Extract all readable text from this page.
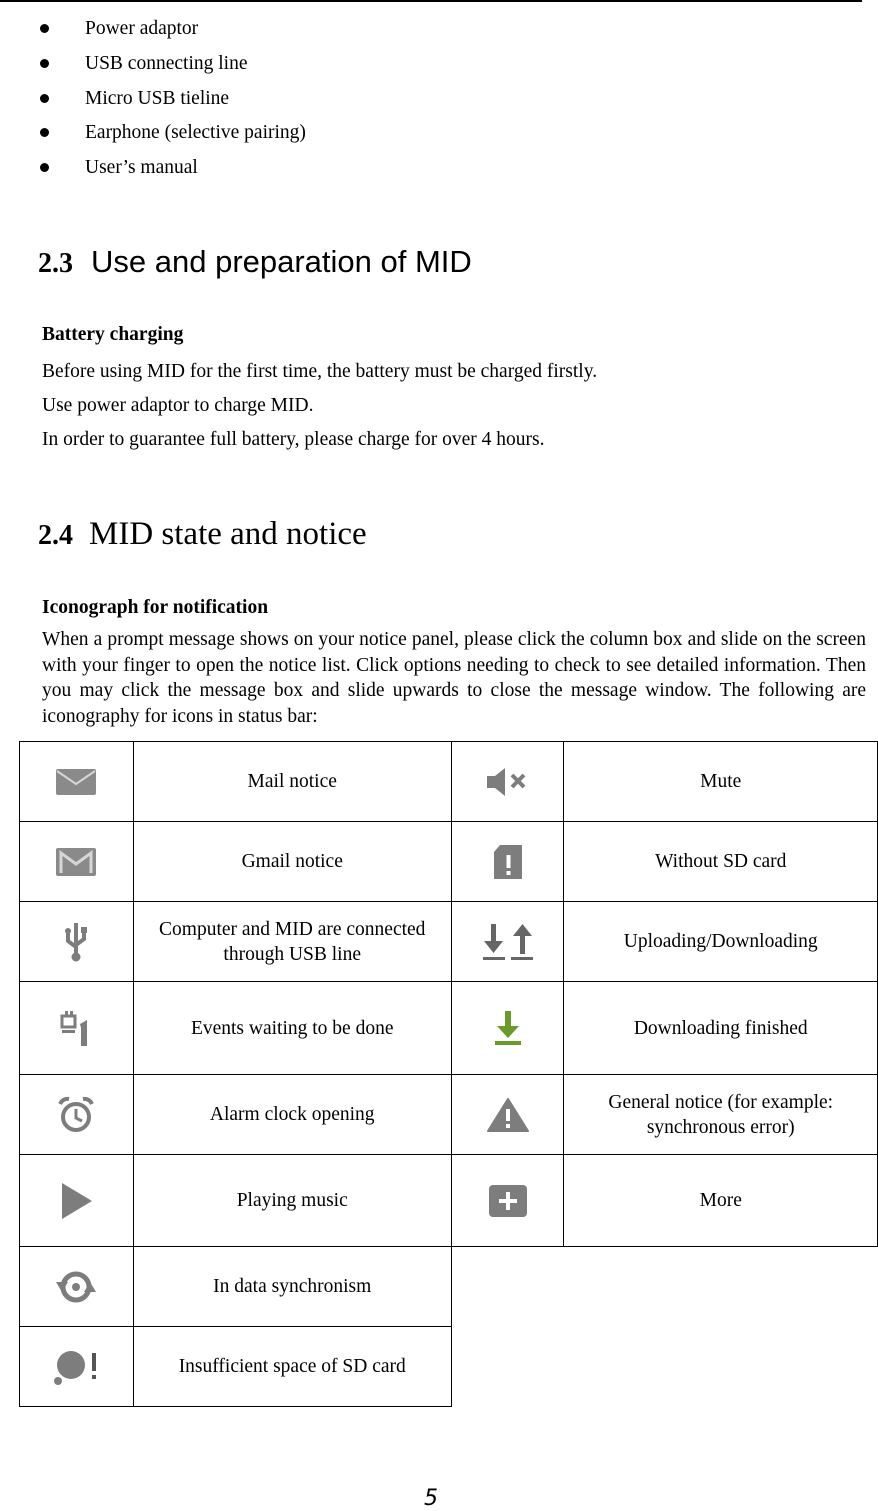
Power adaptor
USB connecting line
Micro USB tieline
Earphone (selective pairing)
User’s manual
2.3 Use and preparation of MID

Battery charging

Before using MID for the first time, the battery must be charged firstly.

Use power adaptor to charge MID.

In order to guarantee full battery, please charge for over 4 hours.

2.4 MID state and notice

Iconograph for notification

When a prompt message shows on your notice panel, please click the column box and slide on the screen with your finger to open the notice list. Click options needing to check to see detailed information. Then you may click the message box and slide upwards to close the message window. The following are iconography for icons in status bar:

	Mail notice		Mute
	Gmail notice		Without SD card
	Computer and MID are connected through USB line		Uploading/Downloading
	Events waiting to be done		Downloading finished
	Alarm clock opening		General notice (for example: synchronous error)
	Playing music		More
	In data synchronism		
	Insufficient space of SD card		
5
